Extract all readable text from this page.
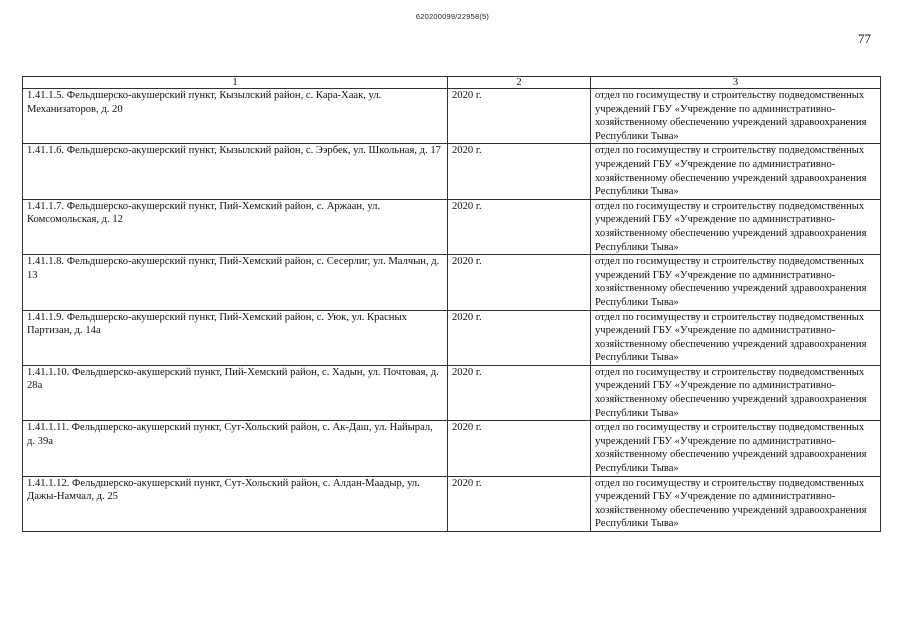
620200099/22958(5)
77
1	2	3
1.41.1.5. Фельдшерско-акушерский пункт, Кызылский район, с. Кара-Хаак, ул. Механизаторов, д. 20	2020 г.	отдел по госимуществу и строительству подведомственных учреждений ГБУ «Учреждение по административно-хозяйственному обеспечению учреждений здравоохранения Республики Тыва»
1.41.1.6. Фельдшерско-акушерский пункт, Кызылский район, с. Ээрбек, ул. Школьная, д. 17	2020 г.	отдел по госимуществу и строительству подведомственных учреждений ГБУ «Учреждение по административно-хозяйственному обеспечению учреждений здравоохранения Республики Тыва»
1.41.1.7. Фельдшерско-акушерский пункт, Пий-Хемский район, с. Аржаан, ул. Комсомольская, д. 12	2020 г.	отдел по госимуществу и строительству подведомственных учреждений ГБУ «Учреждение по административно-хозяйственному обеспечению учреждений здравоохранения Республики Тыва»
1.41.1.8. Фельдшерско-акушерский пункт, Пий-Хемский район, с. Сесерлиг, ул. Малчын, д. 13	2020 г.	отдел по госимуществу и строительству подведомственных учреждений ГБУ «Учреждение по административно-хозяйственному обеспечению учреждений здравоохранения Республики Тыва»
1.41.1.9. Фельдшерско-акушерский пункт, Пий-Хемский район, с. Уюк, ул. Красных Партизан, д. 14а	2020 г.	отдел по госимуществу и строительству подведомственных учреждений ГБУ «Учреждение по административно-хозяйственному обеспечению учреждений здравоохранения Республики Тыва»
1.41.1.10. Фельдшерско-акушерский пункт, Пий-Хемский район, с. Хадын, ул. Почтовая, д. 28а	2020 г.	отдел по госимуществу и строительству подведомственных учреждений ГБУ «Учреждение по административно-хозяйственному обеспечению учреждений здравоохранения Республики Тыва»
1.41.1.11. Фельдшерско-акушерский пункт, Сут-Хольский район, с. Ак-Даш, ул. Найырал, д. 39а	2020 г.	отдел по госимуществу и строительству подведомственных учреждений ГБУ «Учреждение по административно-хозяйственному обеспечению учреждений здравоохранения Республики Тыва»
1.41.1.12. Фельдшерско-акушерский пункт, Сут-Хольский район, с. Алдан-Маадыр, ул. Дажы-Намчал, д. 25	2020 г.	отдел по госимуществу и строительству подведомственных учреждений ГБУ «Учреждение по административно-хозяйственному обеспечению учреждений здравоохранения Республики Тыва»
